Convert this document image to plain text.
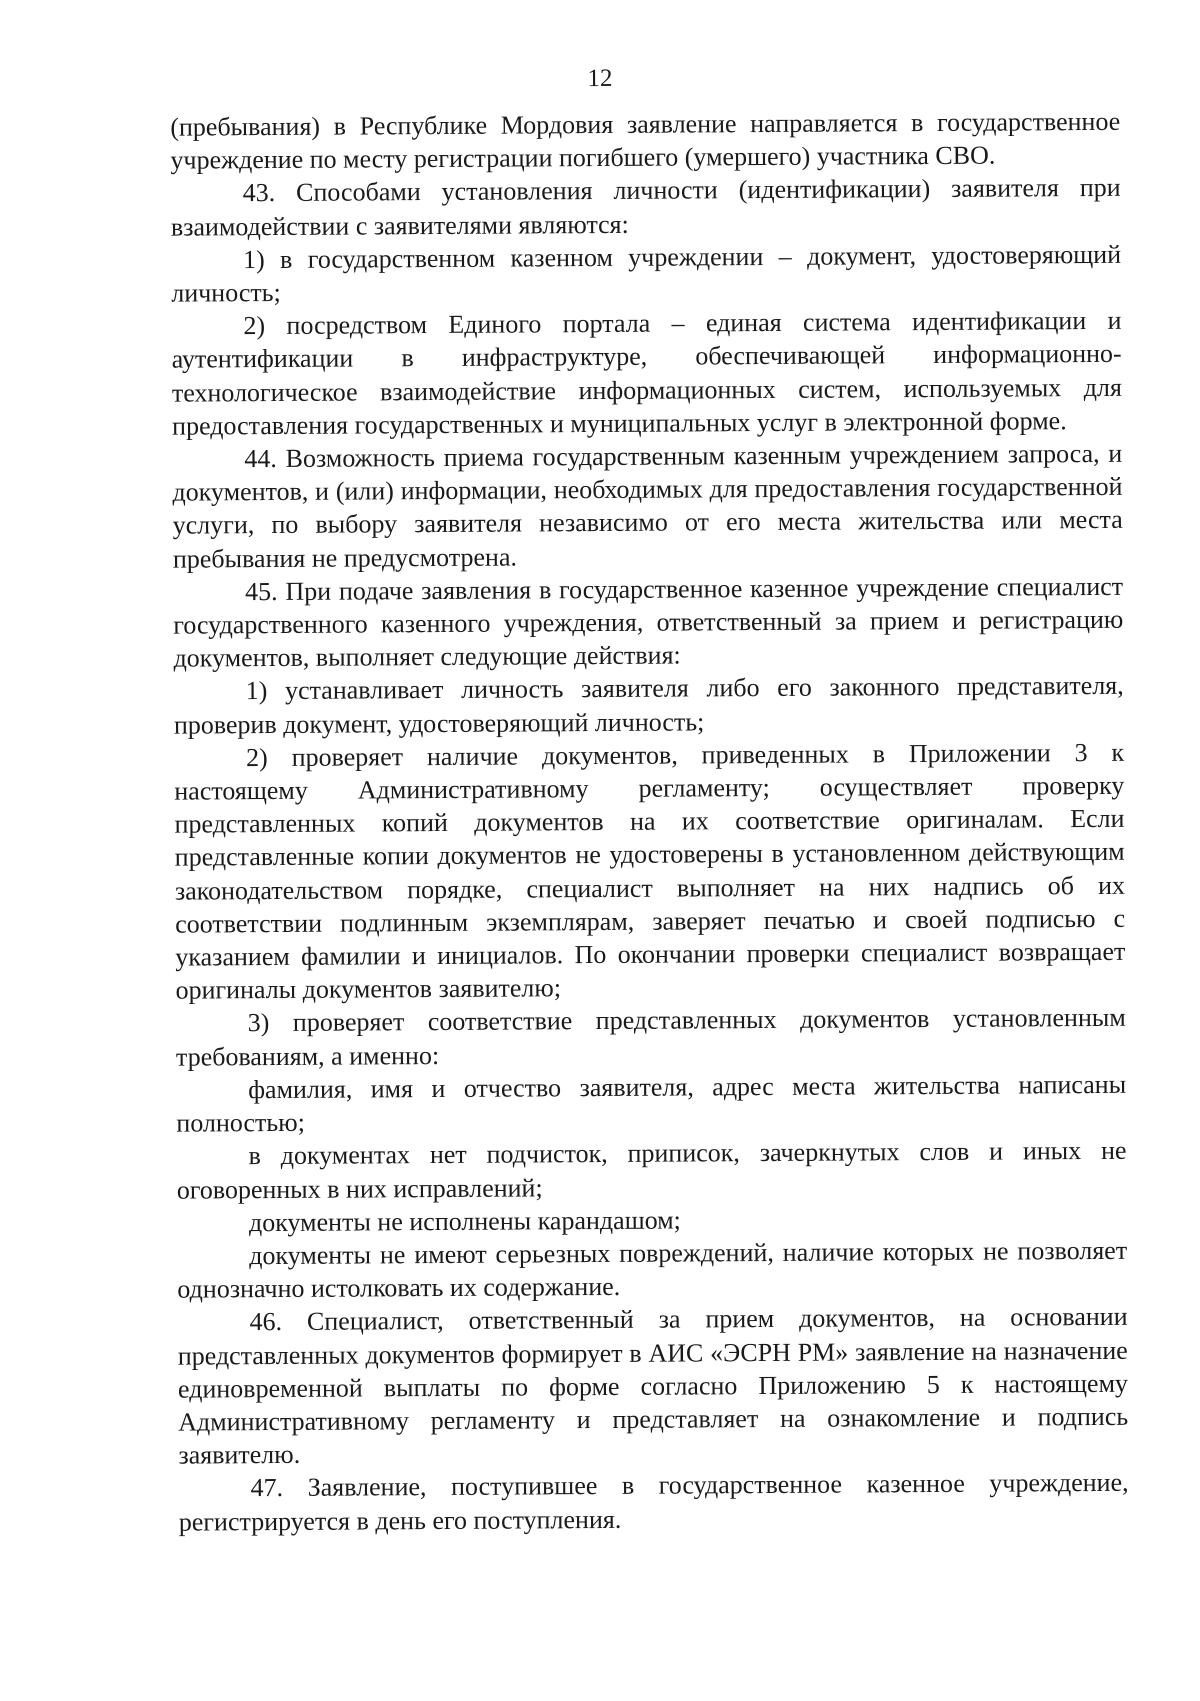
12

(пребывания) в Республике Мордовия заявление направляется в государственное учреждение по месту регистрации погибшего (умершего) участника СВО.

43. Способами установления личности (идентификации) заявителя при взаимодействии с заявителями являются:

1) в государственном казенном учреждении – документ, удостоверяющий личность;

2) посредством Единого портала – единая система идентификации и аутентификации в инфраструктуре, обеспечивающей информационно-технологическое взаимодействие информационных систем, используемых для предоставления государственных и муниципальных услуг в электронной форме.

44. Возможность приема государственным казенным учреждением запроса, и документов, и (или) информации, необходимых для предоставления государственной услуги, по выбору заявителя независимо от его места жительства или места пребывания не предусмотрена.

45. При подаче заявления в государственное казенное учреждение специалист государственного казенного учреждения, ответственный за прием и регистрацию документов, выполняет следующие действия:

1) устанавливает личность заявителя либо его законного представителя, проверив документ, удостоверяющий личность;

2) проверяет наличие документов, приведенных в Приложении 3 к настоящему Административному регламенту; осуществляет проверку представленных копий документов на их соответствие оригиналам. Если представленные копии документов не удостоверены в установленном действующим законодательством порядке, специалист выполняет на них надпись об их соответствии подлинным экземплярам, заверяет печатью и своей подписью с указанием фамилии и инициалов. По окончании проверки специалист возвращает оригиналы документов заявителю;

3) проверяет соответствие представленных документов установленным требованиям, а именно:

фамилия, имя и отчество заявителя, адрес места жительства написаны полностью;

в документах нет подчисток, приписок, зачеркнутых слов и иных не оговоренных в них исправлений;

документы не исполнены карандашом;

документы не имеют серьезных повреждений, наличие которых не позволяет однозначно истолковать их содержание.

46. Специалист, ответственный за прием документов, на основании представленных документов формирует в АИС «ЭСРН РМ» заявление на назначение единовременной выплаты по форме согласно Приложению 5 к настоящему Административному регламенту и представляет на ознакомление и подпись заявителю.

47. Заявление, поступившее в государственное казенное учреждение, регистрируется в день его поступления.
